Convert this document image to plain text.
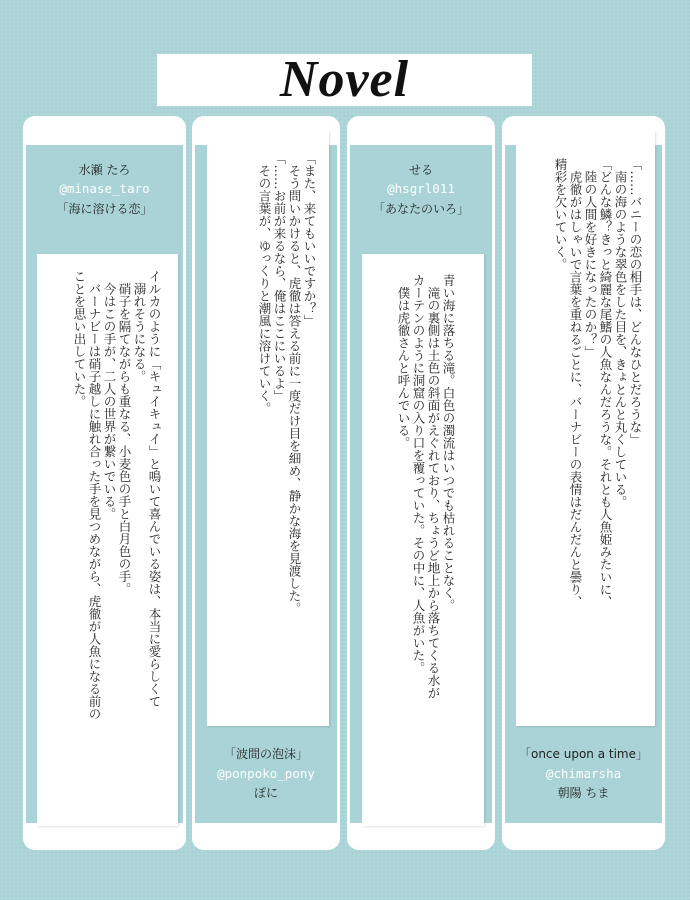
Novel
水瀬 たろ
@minase_taro
「海に溶ける恋」
イルカのように「キュイキュイ」と鳴いて喜んでいる姿は、本当に愛らしくて
　溺れそうになる。
　硝子を隔てながらも重なる、小麦色の手と白月色の手。
　今はこの手が、二人の世界が繋いでいる。
　バーナビーは硝子越しに触れ合った手を見つめながら、虎徹が人魚になる前の
ことを思い出していた。
「また、来てもいいですか？」
　そう問いかけると、虎徹は答える前に一度だけ目を細め、静かな海を見渡した。
「……お前が来るなら、俺はここにいるよ」
　その言葉が、ゆっくりと潮風に溶けていく。
「波間の泡沫」
@ponpoko_pony
ぽに
せる
@hsgrl011
「あなたのいろ」
青い海に落ちる滝。白色の濁流はいつでも枯れることなく。
　滝の裏側は土色の斜面がえぐれており、ちょうど地上から落ちてくる水が
カーテンのように洞窟の入り口を覆っていた。その中に、人魚がいた。
　僕は虎徹さんと呼んでいる。	「……バニーの恋の相手は、どんなひとだろうな」
　南の海のような翠色をした目を、きょとんと丸くしている。
「どんな鱗？きっと綺麗な尾鰭の人魚なんだろうな。それとも人魚姫みたいに、
　陸の人間を好きになったのか？」
　虎徹がはしゃいで言葉を重ねるごとに、バーナビーの表情はだんだんと曇り、
精彩を欠いていく。
「once upon a time」
@chimarsha
朝陽 ちま
